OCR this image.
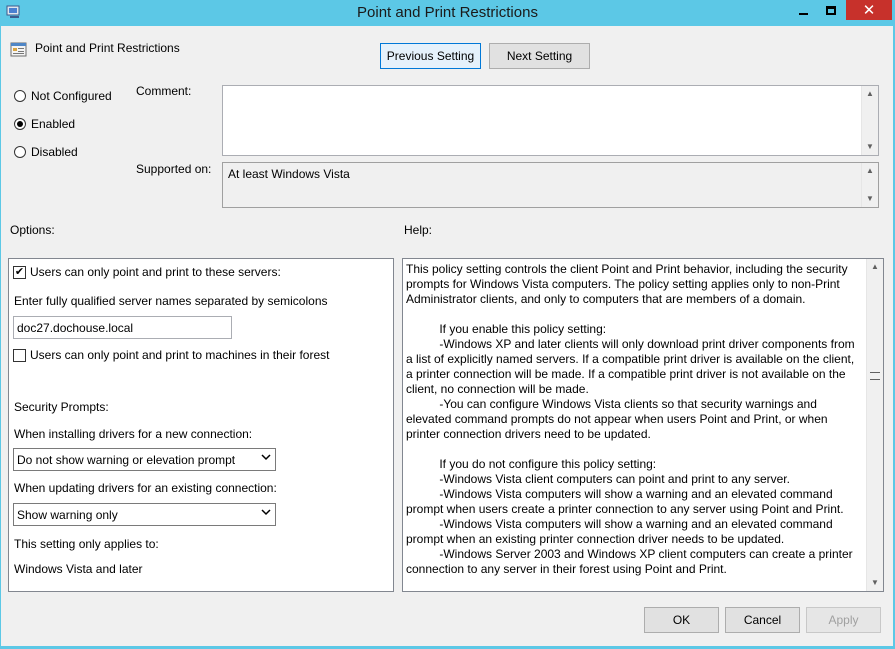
Point and Print Restrictions	✕
Point and Print Restrictions
Previous Setting	Next Setting
Not Configured
Enabled
Disabled
Comment:	▲
▼
Supported on:	At least Windows Vista	▲
▼
Options:	Help:
✔ Users can only point and print to these servers:
Enter fully qualified server names separated by semicolons
doc27.dochouse.local
Users can only point and print to machines in their forest
Security Prompts:
When installing drivers for a new connection:
Do not show warning or elevation prompt
When updating drivers for an existing connection:
Show warning only
This setting only applies to:
Windows Vista and later
▲
▼
This policy setting controls the client Point and Print behavior, including the security prompts for Windows Vista computers. The policy setting applies only to non-Print Administrator clients, and only to computers that are members of a domain.

If you enable this policy setting:
-Windows XP and later clients will only download print driver components from a list of explicitly named servers. If a compatible print driver is available on the client, a printer connection will be made. If a compatible print driver is not available on the client, no connection will be made.
-You can configure Windows Vista clients so that security warnings and elevated command prompts do not appear when users Point and Print, or when printer connection drivers need to be updated.

If you do not configure this policy setting:
-Windows Vista client computers can point and print to any server.
-Windows Vista computers will show a warning and an elevated command prompt when users create a printer connection to any server using Point and Print.
-Windows Vista computers will show a warning and an elevated command prompt when an existing printer connection driver needs to be updated.
-Windows Server 2003 and Windows XP client computers can create a printer connection to any server in their forest using Point and Print.
OK	Cancel	Apply
